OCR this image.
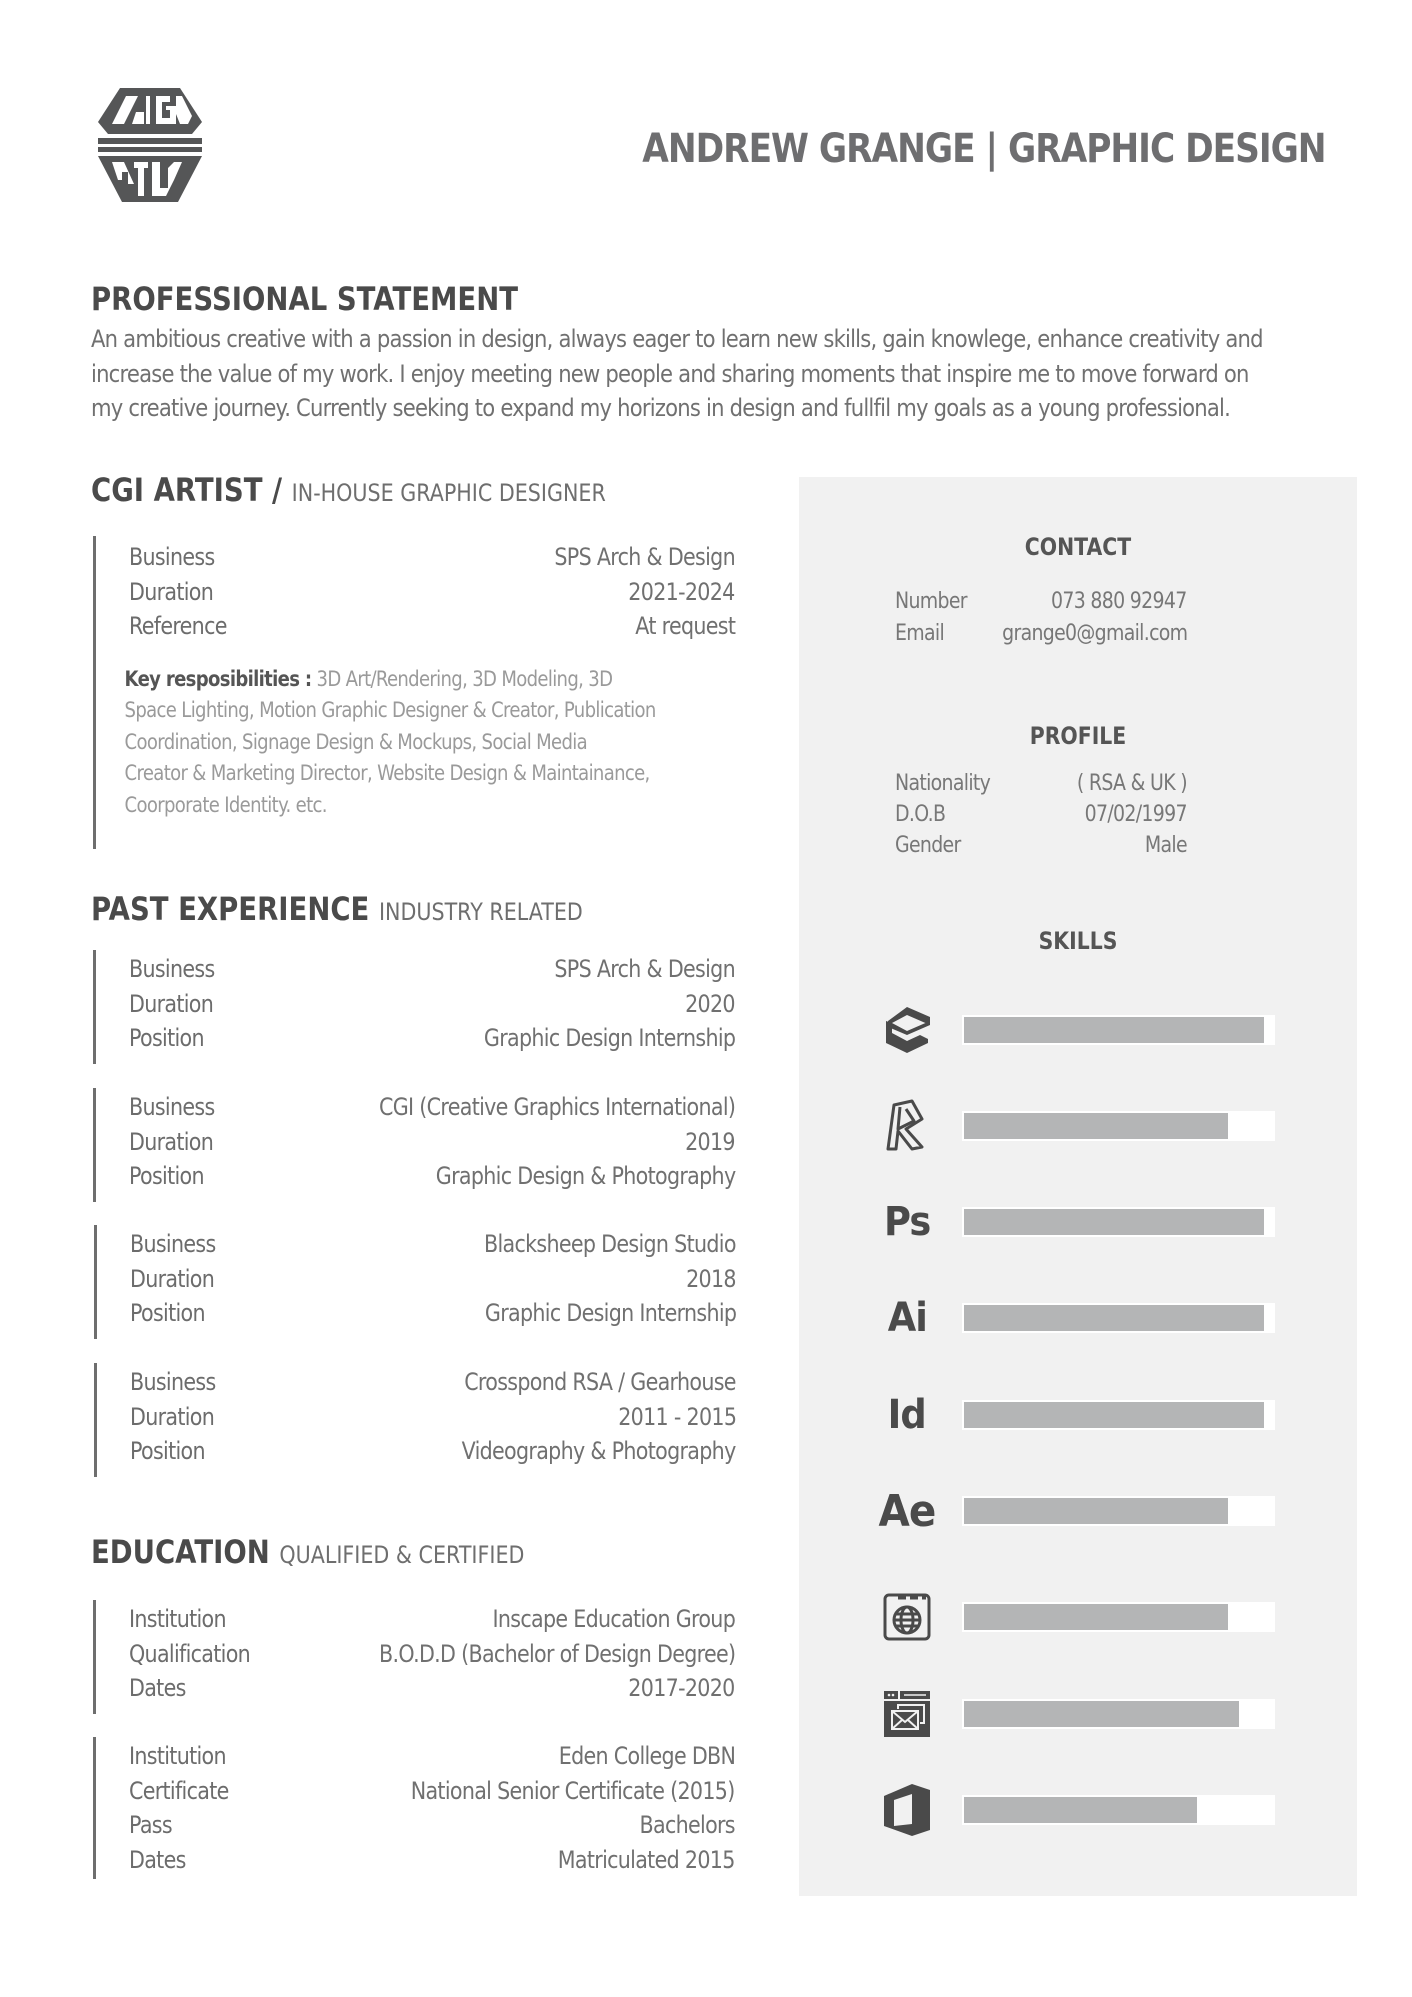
ANDREW GRANGE | GRAPHIC DESIGN
PROFESSIONAL STATEMENT
An ambitious creative with a passion in design, always eager to learn new skills, gain knowlege, enhance creativity and
increase the value of my work. I enjoy meeting new people and sharing moments that inspire me to move forward on
my creative journey. Currently seeking to expand my horizons in design and fullfil my goals as a young professional.
CGI ARTIST / IN-HOUSE GRAPHIC DESIGNER
Business	SPS Arch & Design
Duration	2021-2024
Reference	At request
Key resposibilities : 3D Art/Rendering, 3D Modeling, 3D
Space Lighting, Motion Graphic Designer & Creator, Publication
Coordination, Signage Design & Mockups, Social Media
Creator & Marketing Director, Website Design & Maintainance,
Coorporate Identity. etc.
PAST EXPERIENCE INDUSTRY RELATED
Business	SPS Arch & Design
Duration	2020
Position	Graphic Design Internship
Business	CGI (Creative Graphics International)
Duration	2019
Position	Graphic Design & Photography
Business	Blacksheep Design Studio
Duration	2018
Position	Graphic Design Internship
Business	Crosspond RSA / Gearhouse
Duration	2011 - 2015
Position	Videography & Photography
EDUCATION QUALIFIED & CERTIFIED
Institution	Inscape Education Group
Qualification	B.O.D.D (Bachelor of Design Degree)
Dates	2017-2020
Institution	Eden College DBN
Certificate	National Senior Certificate (2015)
Pass	Bachelors
Dates	Matriculated 2015
CONTACT
Number	073 880 92947
Email	grange0@gmail.com
PROFILE
Nationality	( RSA & UK )
D.O.B	07/02/1997
Gender	Male
SKILLS
Ps
Ai
Id
Ae
